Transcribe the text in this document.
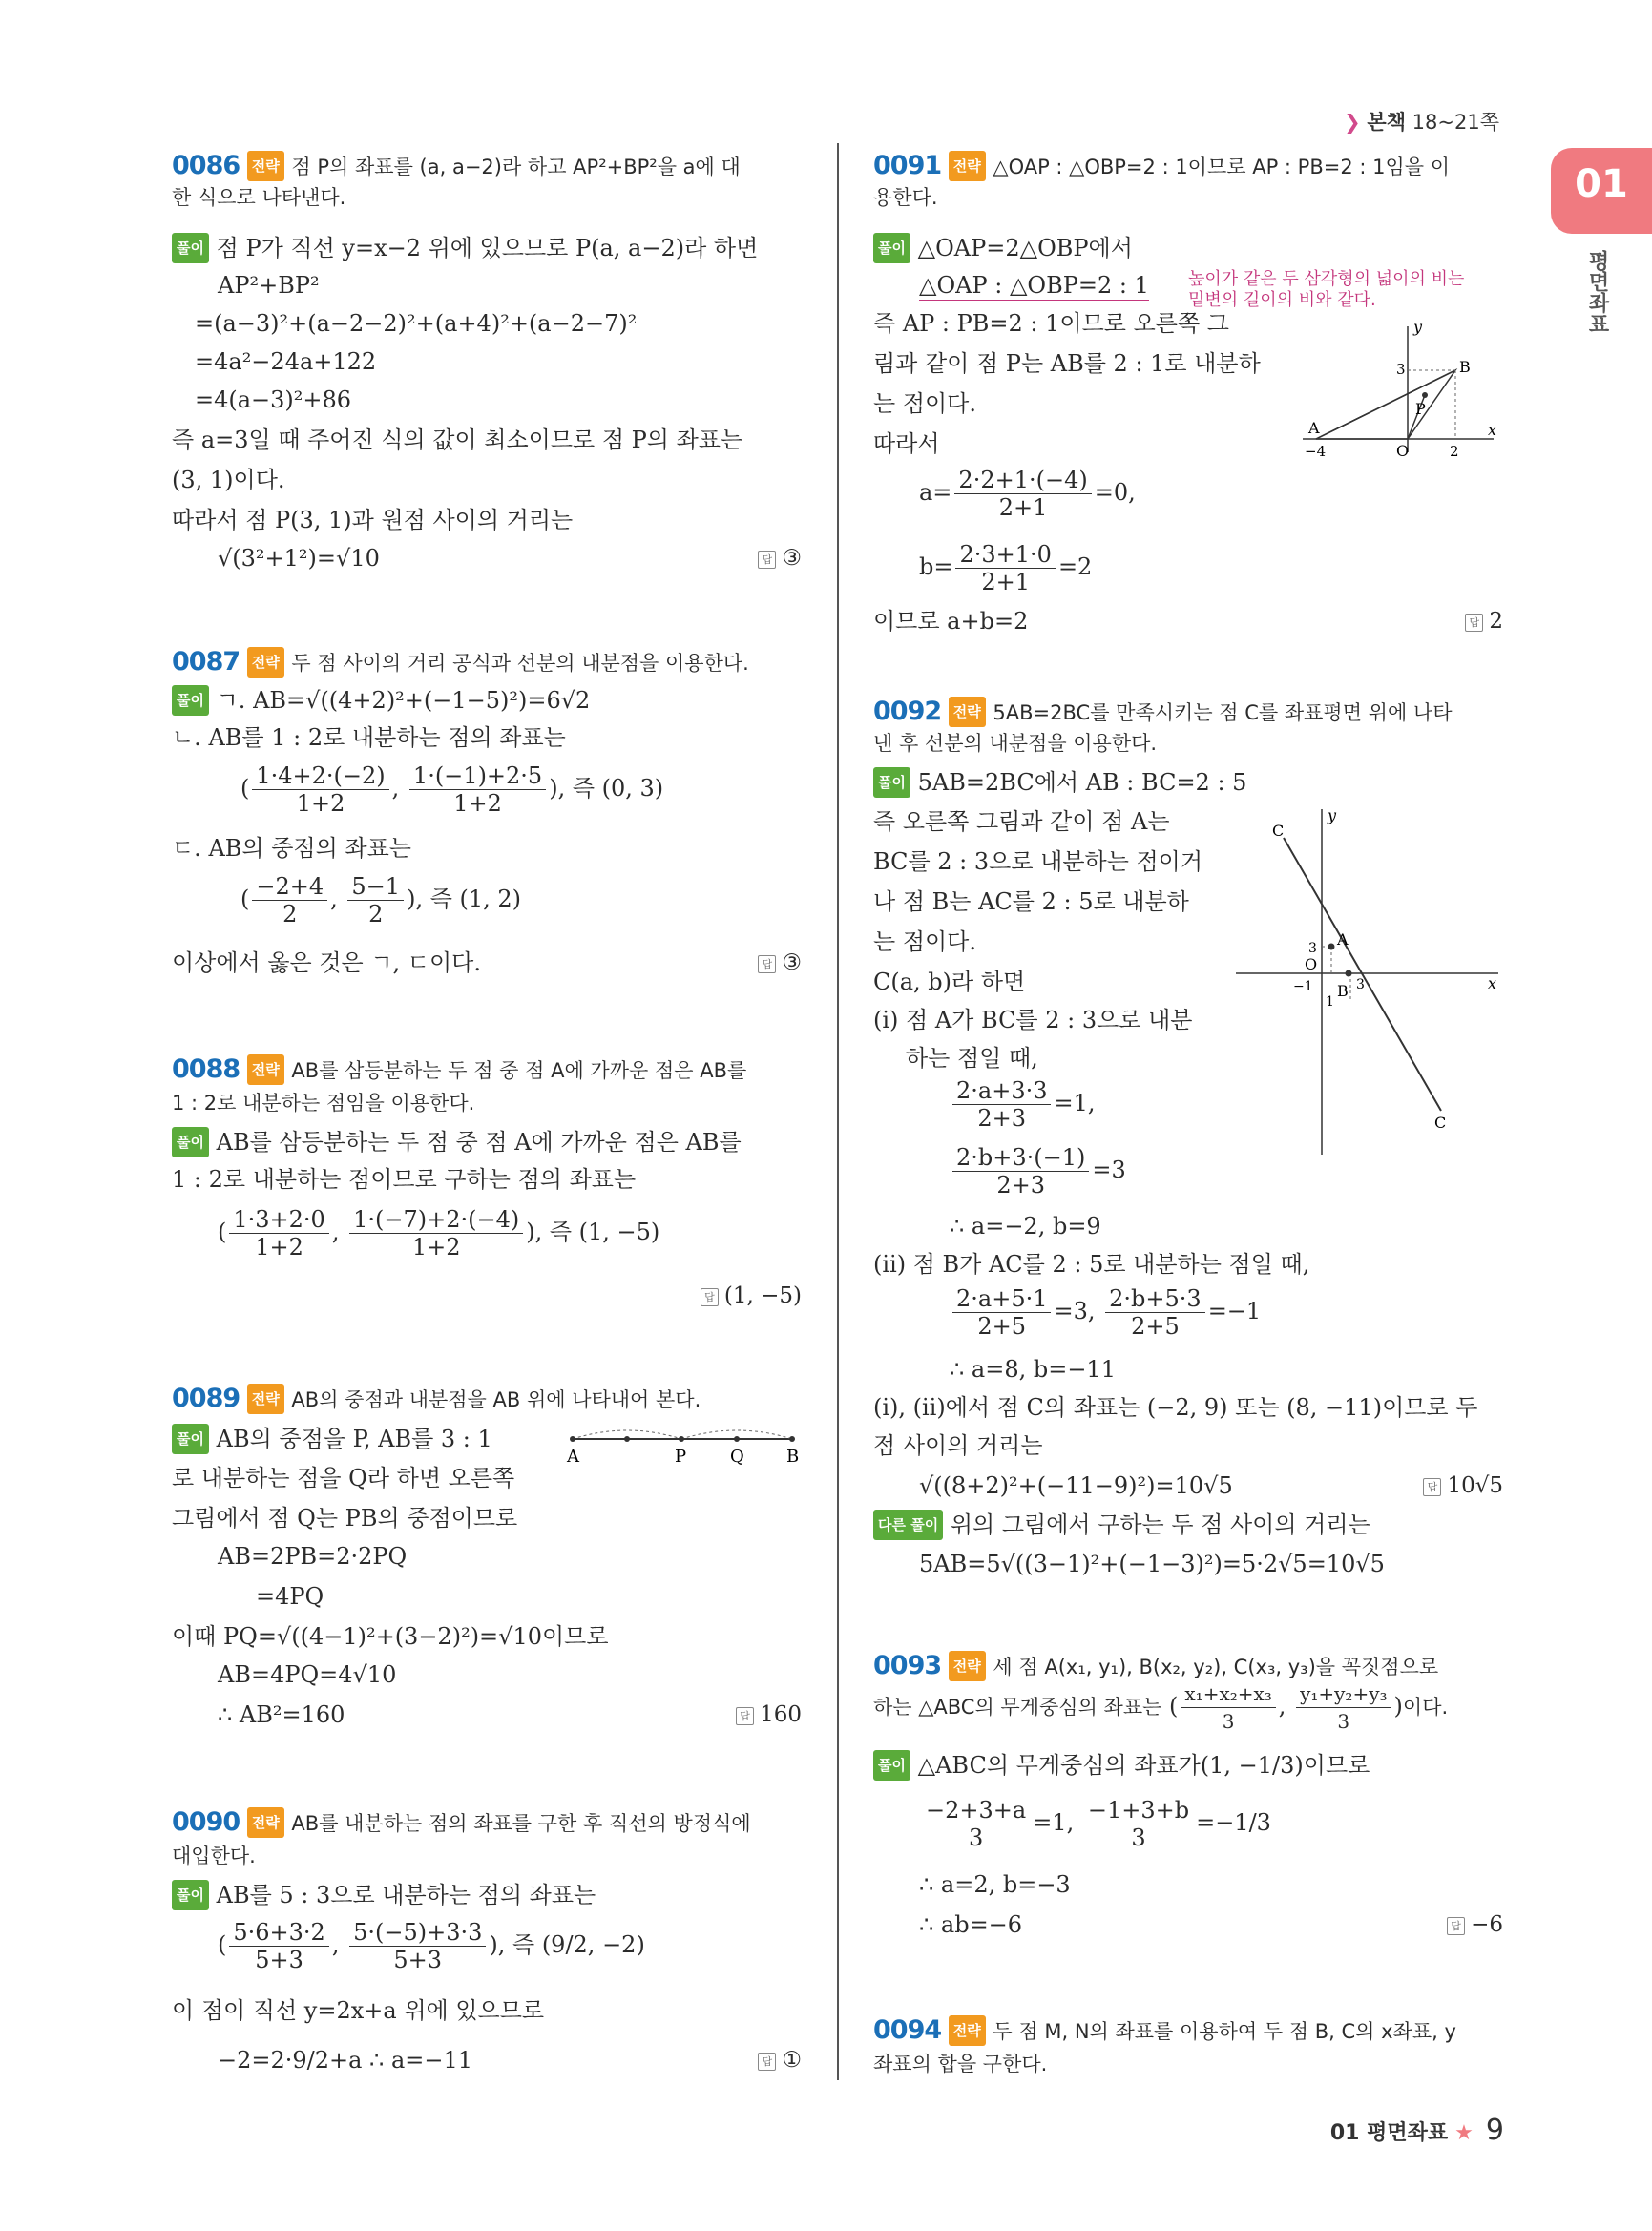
❯ 본책 18~21쪽
01
평면좌표
0086 전략 점 P의 좌표를 (a, a−2)라 하고 AP²+BP²을 a에 대
한 식으로 나타낸다.
풀이 점 P가 직선 y=x−2 위에 있으므로 P(a, a−2)라 하면
AP²+BP²
=(a−3)²+(a−2−2)²+(a+4)²+(a−2−7)²
=4a²−24a+122
=4(a−3)²+86
즉 a=3일 때 주어진 식의 값이 최소이므로 점 P의 좌표는
(3, 1)이다.
따라서 점 P(3, 1)과 원점 사이의 거리는
√(3²+1²)=√10	답 ③
0087 전략 두 점 사이의 거리 공식과 선분의 내분점을 이용한다.
풀이 ㄱ. AB=√((4+2)²+(−1−5)²)=6√2
ㄴ. AB를 1 : 2로 내분하는 점의 좌표는
( $\frac{1\cdot 4+2\cdot(-2)}{1+2}$ , $\frac{1\cdot(-1)+2\cdot 5}{1+2}$ ), 즉 (0, 3)
ㄷ. AB의 중점의 좌표는
( $\frac{-2+4}{2}$ , $\frac{5-1}{2}$ ), 즉 (1, 2)
이상에서 옳은 것은 ㄱ, ㄷ이다.	답 ③
0088 전략 AB를 삼등분하는 두 점 중 점 A에 가까운 점은 AB를
1 : 2로 내분하는 점임을 이용한다.
풀이 AB를 삼등분하는 두 점 중 점 A에 가까운 점은 AB를
1 : 2로 내분하는 점이므로 구하는 점의 좌표는
( $\frac{1\cdot 3+2\cdot 0}{1+2}$ , $\frac{1\cdot(-7)+2\cdot(-4)}{1+2}$ ), 즉 (1, −5)
답 (1, −5)
0089 전략 AB의 중점과 내분점을 AB 위에 나타내어 본다.
풀이 AB의 중점을 P, AB를 3 : 1
로 내분하는 점을 Q라 하면 오른쪽
그림에서 점 Q는 PB의 중점이므로
AB=2PB=2·2PQ
=4PQ
이때 PQ=√((4−1)²+(3−2)²)=√10이므로
AB=4PQ=4√10
∴ AB²=160	답 160
A	P	Q B
0090 전략 AB를 내분하는 점의 좌표를 구한 후 직선의 방정식에
대입한다.
풀이 AB를 5 : 3으로 내분하는 점의 좌표는
( $\frac{5\cdot 6+3\cdot 2}{5+3}$ , $\frac{5\cdot(-5)+3\cdot 3}{5+3}$ ), 즉 (9/2, −2)
이 점이 직선 y=2x+a 위에 있으므로
−2=2·9/2+a ∴ a=−11	답 ①
0091 전략 △OAP : △OBP=2 : 1이므로 AP : PB=2 : 1임을 이
용한다.
풀이 △OAP=2△OBP에서
△OAP : △OBP=2 : 1 높이가 같은 두 삼각형의 넓이의 비는
밑변의 길이의 비와 같다.
즉 AP : PB=2 : 1이므로 오른쪽 그
림과 같이 점 P는 AB를 2 : 1로 내분하
는 점이다.
따라서
$a= \frac{2\cdot 2+1\cdot(-4)}{2+1} =0$,
$b= \frac{2\cdot 3+1\cdot 0}{2+1} =2$
이므로 a+b=2	답 2
y
x
O
A
B
P
3
−4	2
0092 전략 5AB=2BC를 만족시키는 점 C를 좌표평면 위에 나타
낸 후 선분의 내분점을 이용한다.
풀이 5AB=2BC에서 AB : BC=2 : 5
즉 오른쪽 그림과 같이 점 A는
BC를 2 : 3으로 내분하는 점이거
나 점 B는 AC를 2 : 5로 내분하
는 점이다.
C(a, b)라 하면
(ⅰ) 점 A가 BC를 2 : 3으로 내분
하는 점일 때,
$\frac{2\cdot a+3\cdot 3}{2+3} =1$,
$\frac{2\cdot b+3\cdot(-1)}{2+3} =3$
∴ a=−2, b=9
(ⅱ) 점 B가 AC를 2 : 5로 내분하는 점일 때,
$\frac{2\cdot a+5\cdot 1}{2+5} =3$, $\frac{2\cdot b+5\cdot 3}{2+5} =-1$
∴ a=8, b=−11
(ⅰ), (ⅱ)에서 점 C의 좌표는 (−2, 9) 또는 (8, −11)이므로 두
점 사이의 거리는
√((8+2)²+(−11−9)²)=10√5	답 10√5
다른 풀이 위의 그림에서 구하는 두 점 사이의 거리는
5AB=5√((3−1)²+(−1−3)²)=5·2√5=10√5
y
x
O
A
B
C
C
3
−1
1
3
0093 전략 세 점 A(x₁, y₁), B(x₂, y₂), C(x₃, y₃)을 꼭짓점으로
하는 △ABC의 무게중심의 좌표는 ( $\frac{\text{x₁+x₂+x₃}}{3}$ , $\frac{\text{y₁+y₂+y₃}}{3}$ )이다.
풀이 △ABC의 무게중심의 좌표가(1, −1/3)이므로
$\frac{-2+3+a}{3} =1$, $\frac{-1+3+b}{3} =-1/3$
∴ a=2, b=−3
∴ ab=−6	답 −6
0094 전략 두 점 M, N의 좌표를 이용하여 두 점 B, C의 x좌표, y
좌표의 합을 구한다.
01 평면좌표 ★ 9
